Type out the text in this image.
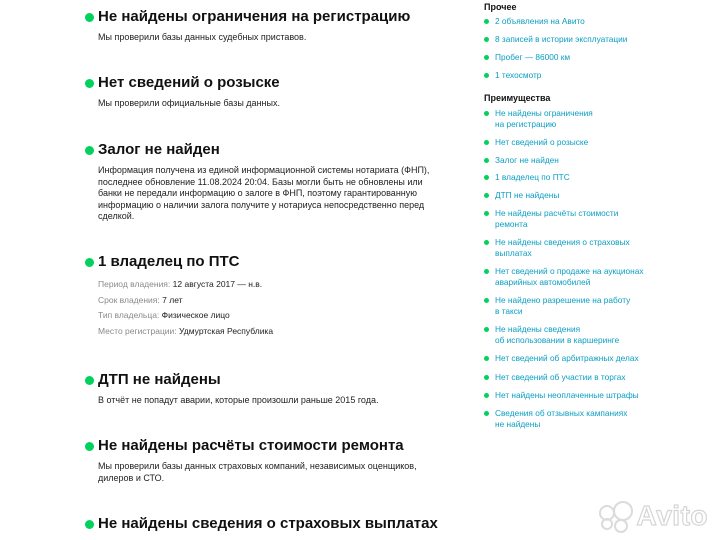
Не найдены ограничения на регистрацию
Мы проверили базы данных судебных приставов.
Нет сведений о розыске
Мы проверили официальные базы данных.
Залог не найден
Информация получена из единой информационной системы нотариата (ФНП), последнее обновление 11.08.2024 20:04. Базы могли быть не обновлены или банки не передали информацию о залоге в ФНП, поэтому гарантированную информацию о наличии залога получите у нотариуса непосредственно перед сделкой.
1 владелец по ПТС
Период владения: 12 августа 2017 — н.в.
Срок владения: 7 лет
Тип владельца: Физическое лицо
Место регистрации: Удмуртская Республика
ДТП не найдены
В отчёт не попадут аварии, которые произошли раньше 2015 года.
Не найдены расчёты стоимости ремонта
Мы проверили базы данных страховых компаний, независимых оценщиков, дилеров и СТО.
Не найдены сведения о страховых выплатах
Прочее
2 объявления на Авито
8 записей в истории эксплуатации
Пробег — 86000 км
1 техосмотр
Преимущества
Не найдены ограничения
на регистрацию
Нет сведений о розыске
Залог не найден
1 владелец по ПТС
ДТП не найдены
Не найдены расчёты стоимости
ремонта
Не найдены сведения о страховых
выплатах
Нет сведений о продаже на аукционах
аварийных автомобилей
Не найдено разрешение на работу
в такси
Не найдены сведения
об использовании в каршеринге
Нет сведений об арбитражных делах
Нет сведений об участии в торгах
Нет найдены неоплаченные штрафы
Сведения об отзывных кампаниях
не найдены
Avito
